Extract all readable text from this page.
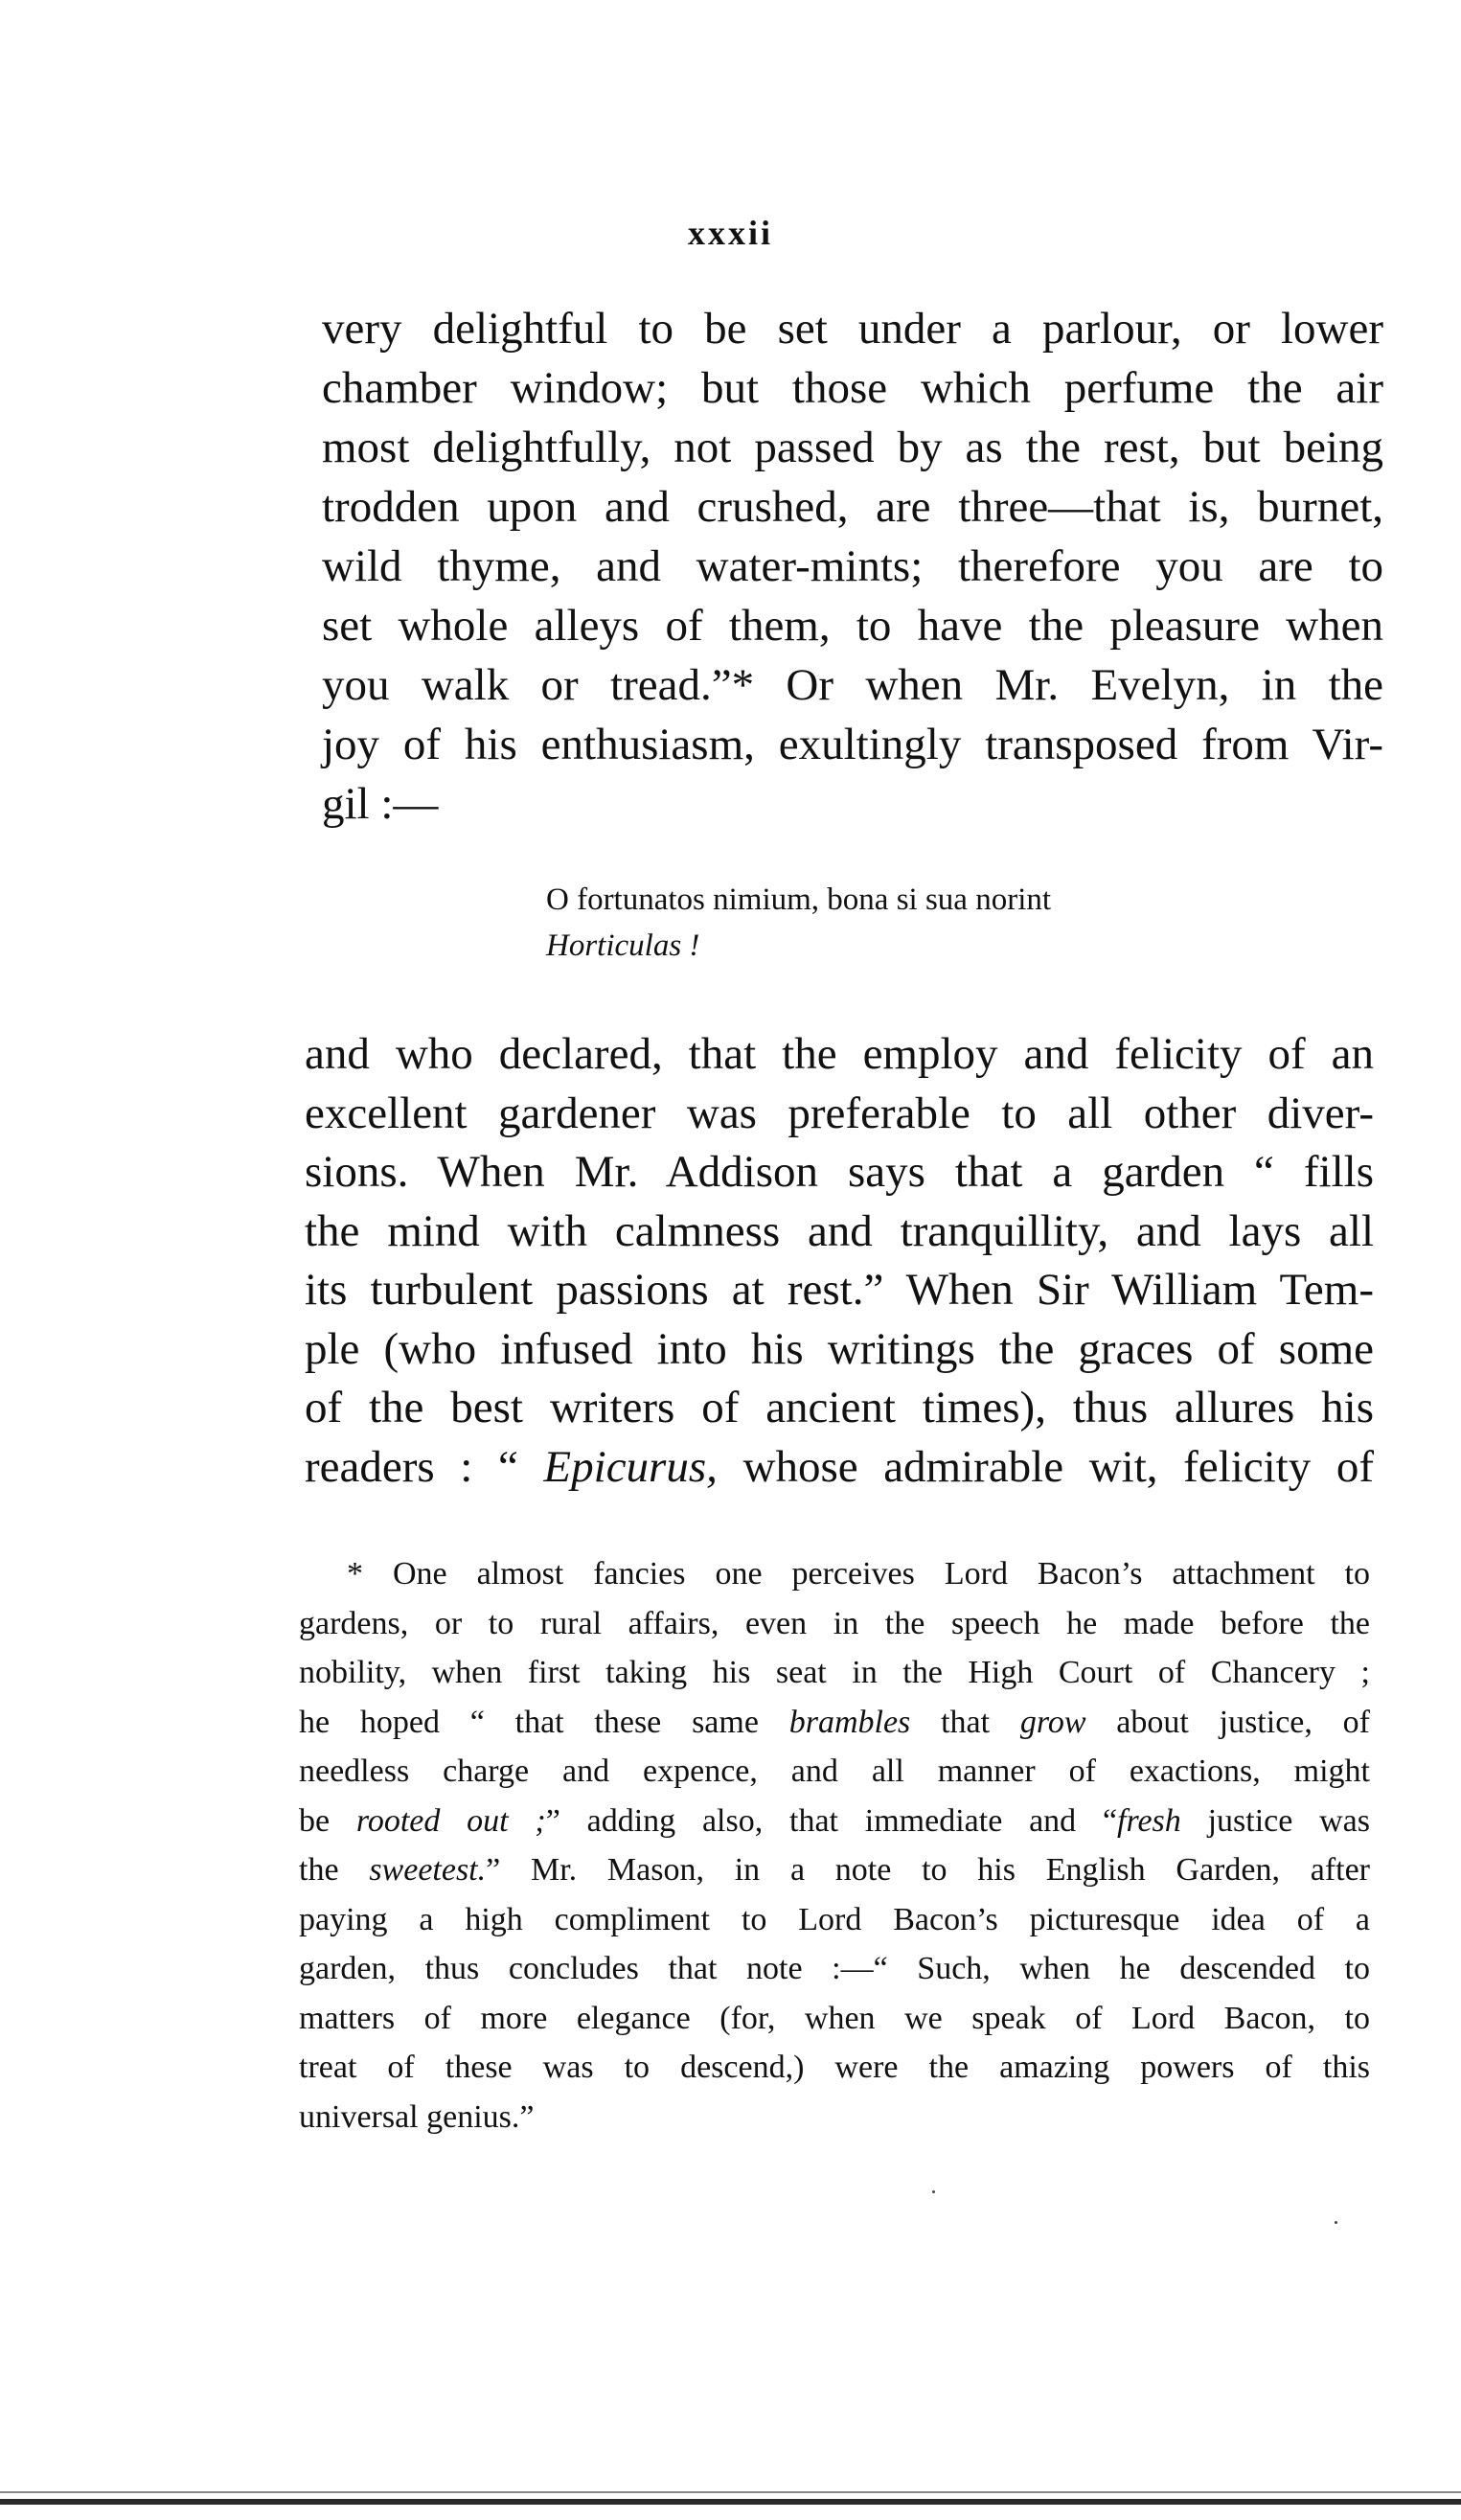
xxxii
very delightful to be set under a parlour, or lower
chamber window; but those which perfume the air
most delightfully, not passed by as the rest, but being
trodden upon and crushed, are three—that is, burnet,
wild thyme, and water-mints; therefore you are to
set whole alleys of them, to have the pleasure when
you walk or tread.”* Or when Mr. Evelyn, in the
joy of his enthusiasm, exultingly transposed from Vir-
gil :—
O fortunatos nimium, bona si sua norint
Horticulas !
and who declared, that the employ and felicity of an
excellent gardener was preferable to all other diver-
sions. When Mr. Addison says that a garden “ fills
the mind with calmness and tranquillity, and lays all
its turbulent passions at rest.” When Sir William Tem-
ple (who infused into his writings the graces of some
of the best writers of ancient times), thus allures his
readers : “ Epicurus, whose admirable wit, felicity of
* One almost fancies one perceives Lord Bacon’s attachment to
gardens, or to rural affairs, even in the speech he made before the
nobility, when first taking his seat in the High Court of Chancery ;
he hoped “ that these same brambles that grow about justice, of
needless charge and expence, and all manner of exactions, might
be rooted out ;” adding also, that immediate and “fresh justice was
the sweetest.” Mr. Mason, in a note to his English Garden, after
paying a high compliment to Lord Bacon’s picturesque idea of a
garden, thus concludes that note :—“ Such, when he descended to
matters of more elegance (for, when we speak of Lord Bacon, to
treat of these was to descend,) were the amazing powers of this
universal genius.”
